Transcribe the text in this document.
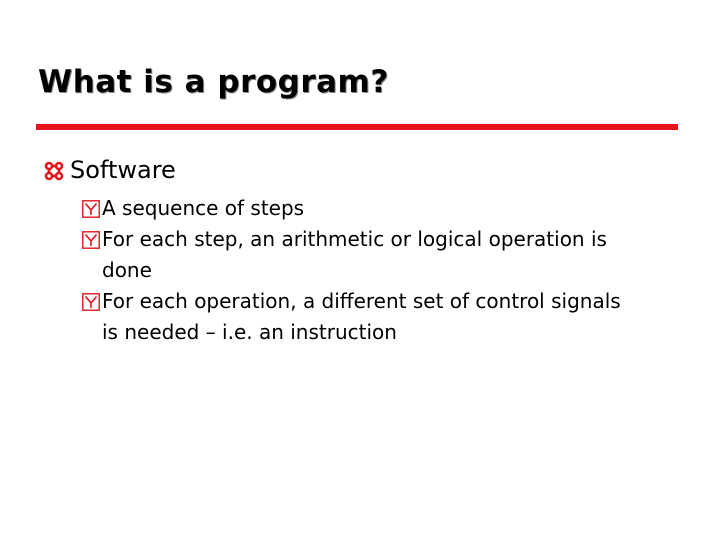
What is a program?
Software
A sequence of steps
For each step, an arithmetic or logical operation is
done
For each operation, a different set of control signals
is needed – i.e. an instruction
